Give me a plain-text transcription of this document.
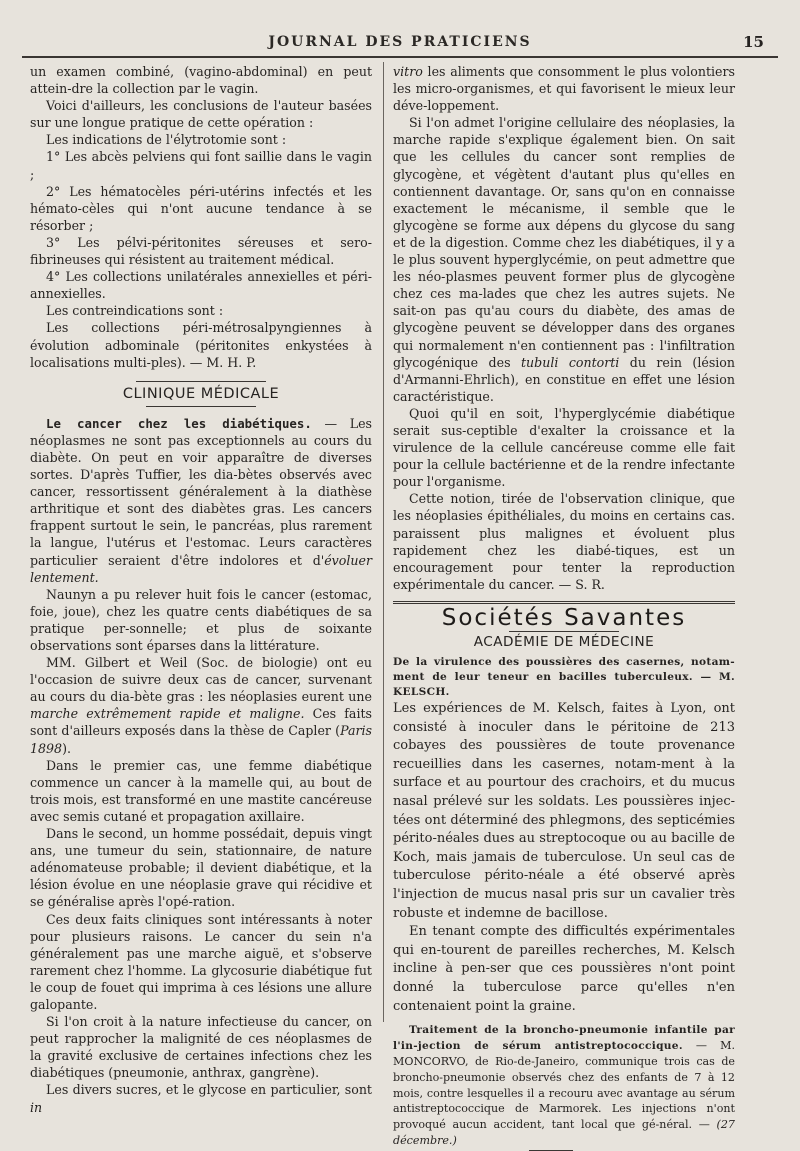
JOURNAL DES PRATICIENS	15

un examen combiné, (vagino-abdominal) en peut attein-dre la collection par le vagin.

Voici d'ailleurs, les conclusions de l'auteur basées sur une longue pratique de cette opération :

Les indications de l'élytrotomie sont :

1° Les abcès pelviens qui font saillie dans le vagin ;

2° Les hématocèles péri-utérins infectés et les hémato-cèles qui n'ont aucune tendance à se résorber ;

3° Les pélvi-péritonites séreuses et sero-fibrineuses qui résistent au traitement médical.

4° Les collections unilatérales annexielles et péri-annexielles.

Les contreindications sont :

Les collections péri-métrosalpyngiennes à évolution adbominale (péritonites enkystées à localisations multi-ples). — M. H. P.

CLINIQUE MÉDICALE

Le cancer chez les diabétiques. — Les néoplasmes ne sont pas exceptionnels au cours du diabète. On peut en voir apparaître de diverses sortes. D'après Tuffier, les dia-bètes observés avec cancer, ressortissent généralement à la diathèse arthritique et sont des diabètes gras. Les cancers frappent surtout le sein, le pancréas, plus rarement la langue, l'utérus et l'estomac. Leurs caractères particulier seraient d'être indolores et d'évoluer lentement.

Naunyn a pu relever huit fois le cancer (estomac, foie, joue), chez les quatre cents diabétiques de sa pratique per-sonnelle; et plus de soixante observations sont éparses dans la littérature.

MM. Gilbert et Weil (Soc. de biologie) ont eu l'occasion de suivre deux cas de cancer, survenant au cours du dia-bète gras : les néoplasies eurent une marche extrêmement rapide et maligne. Ces faits sont d'ailleurs exposés dans la thèse de Capler (Paris 1898).

Dans le premier cas, une femme diabétique commence un cancer à la mamelle qui, au bout de trois mois, est transformé en une mastite cancéreuse avec semis cutané et propagation axillaire.

Dans le second, un homme possédait, depuis vingt ans, une tumeur du sein, stationnaire, de nature adénomateuse probable; il devient diabétique, et la lésion évolue en une néoplasie grave qui récidive et se généralise après l'opé-ration.

Ces deux faits cliniques sont intéressants à noter pour plusieurs raisons. Le cancer du sein n'a généralement pas une marche aiguë, et s'observe rarement chez l'homme. La glycosurie diabétique fut le coup de fouet qui imprima à ces lésions une allure galopante.

Si l'on croit à la nature infectieuse du cancer, on peut rapprocher la malignité de ces néoplasmes de la gravité exclusive de certaines infections chez les diabétiques (pneumonie, anthrax, gangrène).

Les divers sucres, et le glycose en particulier, sont in

vitro les aliments que consomment le plus volontiers les micro-organismes, et qui favorisent le mieux leur déve-loppement.

Si l'on admet l'origine cellulaire des néoplasies, la marche rapide s'explique également bien. On sait que les cellules du cancer sont remplies de glycogène, et végètent d'autant plus qu'elles en contiennent davantage. Or, sans qu'on en connaisse exactement le mécanisme, il semble que le glycogène se forme aux dépens du glycose du sang et de la digestion. Comme chez les diabétiques, il y a le plus souvent hyperglycémie, on peut admettre que les néo-plasmes peuvent former plus de glycogène chez ces ma-lades que chez les autres sujets. Ne sait-on pas qu'au cours du diabète, des amas de glycogène peuvent se développer dans des organes qui normalement n'en contiennent pas : l'infiltration glycogénique des tubuli contorti du rein (lésion d'Armanni-Ehrlich), en constitue en effet une lésion caractéristique.

Quoi qu'il en soit, l'hyperglycémie diabétique serait sus-ceptible d'exalter la croissance et la virulence de la cellule cancéreuse comme elle fait pour la cellule bactérienne et de la rendre infectante pour l'organisme.

Cette notion, tirée de l'observation clinique, que les néoplasies épithéliales, du moins en certains cas. paraissent plus malignes et évoluent plus rapidement chez les diabé-tiques, est un encouragement pour tenter la reproduction expérimentale du cancer. — S. R.

Sociétés Savantes
ACADÉMIE DE MÉDECINE

De la virulence des poussières des casernes, notam-ment de leur teneur en bacilles tuberculeux. — M. KELSCH.

Les expériences de M. Kelsch, faites à Lyon, ont consisté à inoculer dans le péritoine de 213 cobayes des poussières de toute provenance recueillies dans les casernes, notam-ment à la surface et au pourtour des crachoirs, et du mucus nasal prélevé sur les soldats. Les poussières injec-tées ont déterminé des phlegmons, des septicémies périto-néales dues au streptocoque ou au bacille de Koch, mais jamais de tuberculose. Un seul cas de tuberculose périto-néale a été observé après l'injection de mucus nasal pris sur un cavalier très robuste et indemne de bacillose.

En tenant compte des difficultés expérimentales qui en-tourent de pareilles recherches, M. Kelsch incline à pen-ser que ces poussières n'ont point donné la tuberculose parce qu'elles n'en contenaient point la graine.

Traitement de la broncho-pneumonie infantile par l'in-jection de sérum antistreptococcique. — M. MONCORVO, de Rio-de-Janeiro, communique trois cas de broncho-pneumonie observés chez des enfants de 7 à 12 mois, contre lesquelles il a recouru avec avantage au sérum antistreptococcique de Marmorek. Les injections n'ont provoqué aucun accident, tant local que gé-néral. — (27 décembre.)
